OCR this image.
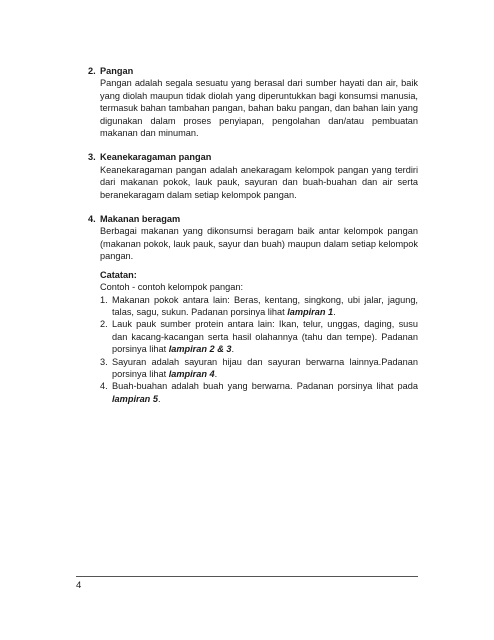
2. Pangan
Pangan adalah segala sesuatu yang berasal dari sumber hayati dan air, baik yang diolah maupun tidak diolah yang diperuntukkan bagi konsumsi manusia, termasuk bahan tambahan pangan, bahan baku pangan, dan bahan lain yang digunakan dalam proses penyiapan, pengolahan dan/atau pembuatan makanan dan minuman.
3. Keanekaragaman pangan
Keanekaragaman pangan adalah anekaragam kelompok pangan yang terdiri dari makanan pokok, lauk pauk, sayuran dan buah-buahan dan air serta beranekaragam dalam setiap kelompok pangan.
4. Makanan beragam
Berbagai makanan yang dikonsumsi beragam baik antar kelompok pangan (makanan pokok, lauk pauk, sayur dan buah) maupun dalam setiap kelompok pangan.
Catatan:
Contoh - contoh kelompok pangan:
1. Makanan pokok antara lain: Beras, kentang, singkong, ubi jalar, jagung, talas, sagu, sukun. Padanan porsinya lihat lampiran 1.
2. Lauk pauk sumber protein antara lain: Ikan, telur, unggas, daging, susu dan kacang-kacangan serta hasil olahannya (tahu dan tempe). Padanan porsinya lihat lampiran 2 & 3.
3. Sayuran adalah sayuran hijau dan sayuran berwarna lainnya.Padanan porsinya lihat lampiran 4.
4. Buah-buahan adalah buah yang berwarna. Padanan porsinya lihat pada lampiran 5.
4
